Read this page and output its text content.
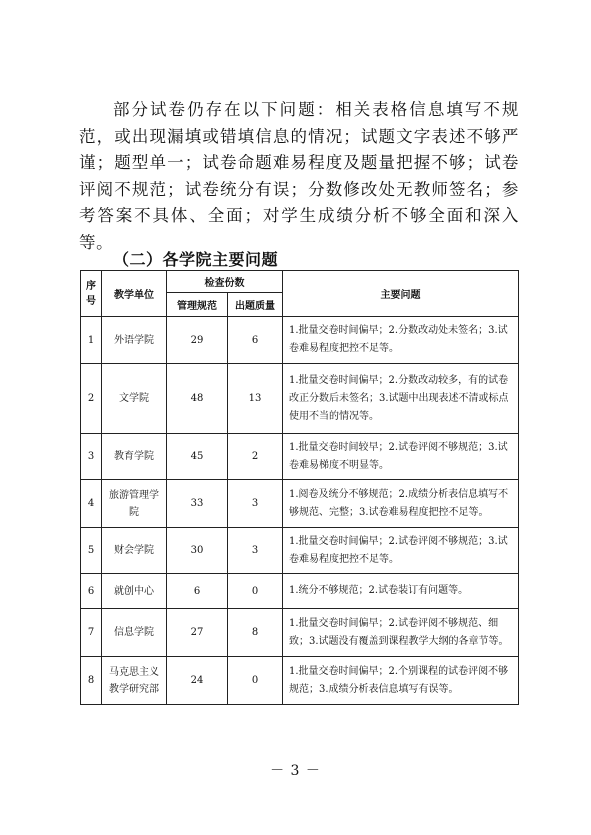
部分试卷仍存在以下问题：相关表格信息填写不规范，或出现漏填或错填信息的情况；试题文字表述不够严谨；题型单一；试卷命题难易程度及题量把握不够；试卷评阅不规范；试卷统分有误；分数修改处无教师签名；参考答案不具体、全面；对学生成绩分析不够全面和深入等。

（二）各学院主要问题

序号	教学单位	检查份数		主要问题
		管理规范	出题质量	
1	外语学院	29	6	1.批量交卷时间偏早；2.分数改动处未签名；3.试卷难易程度把控不足等。
2	文学院	48	13	1.批量交卷时间偏早；2.分数改动较多，有的试卷改正分数后未签名；3.试题中出现表述不清或标点使用不当的情况等。
3	教育学院	45	2	1.批量交卷时间较早；2.试卷评阅不够规范；3.试卷难易梯度不明显等。
4	旅游管理学院	33	3	1.阅卷及统分不够规范；2.成绩分析表信息填写不够规范、完整；3.试卷难易程度把控不足等。
5	财会学院	30	3	1.批量交卷时间偏早；2.试卷评阅不够规范；3.试卷难易程度把控不足等。
6	就创中心	6	0	1.统分不够规范；2.试卷装订有问题等。
7	信息学院	27	8	1.批量交卷时间偏早；2.试卷评阅不够规范、细致；3.试题没有覆盖到课程教学大纲的各章节等。
8	马克思主义教学研究部	24	0	1.批量交卷时间偏早；2.个别课程的试卷评阅不够规范；3.成绩分析表信息填写有误等。
－ 3 －
